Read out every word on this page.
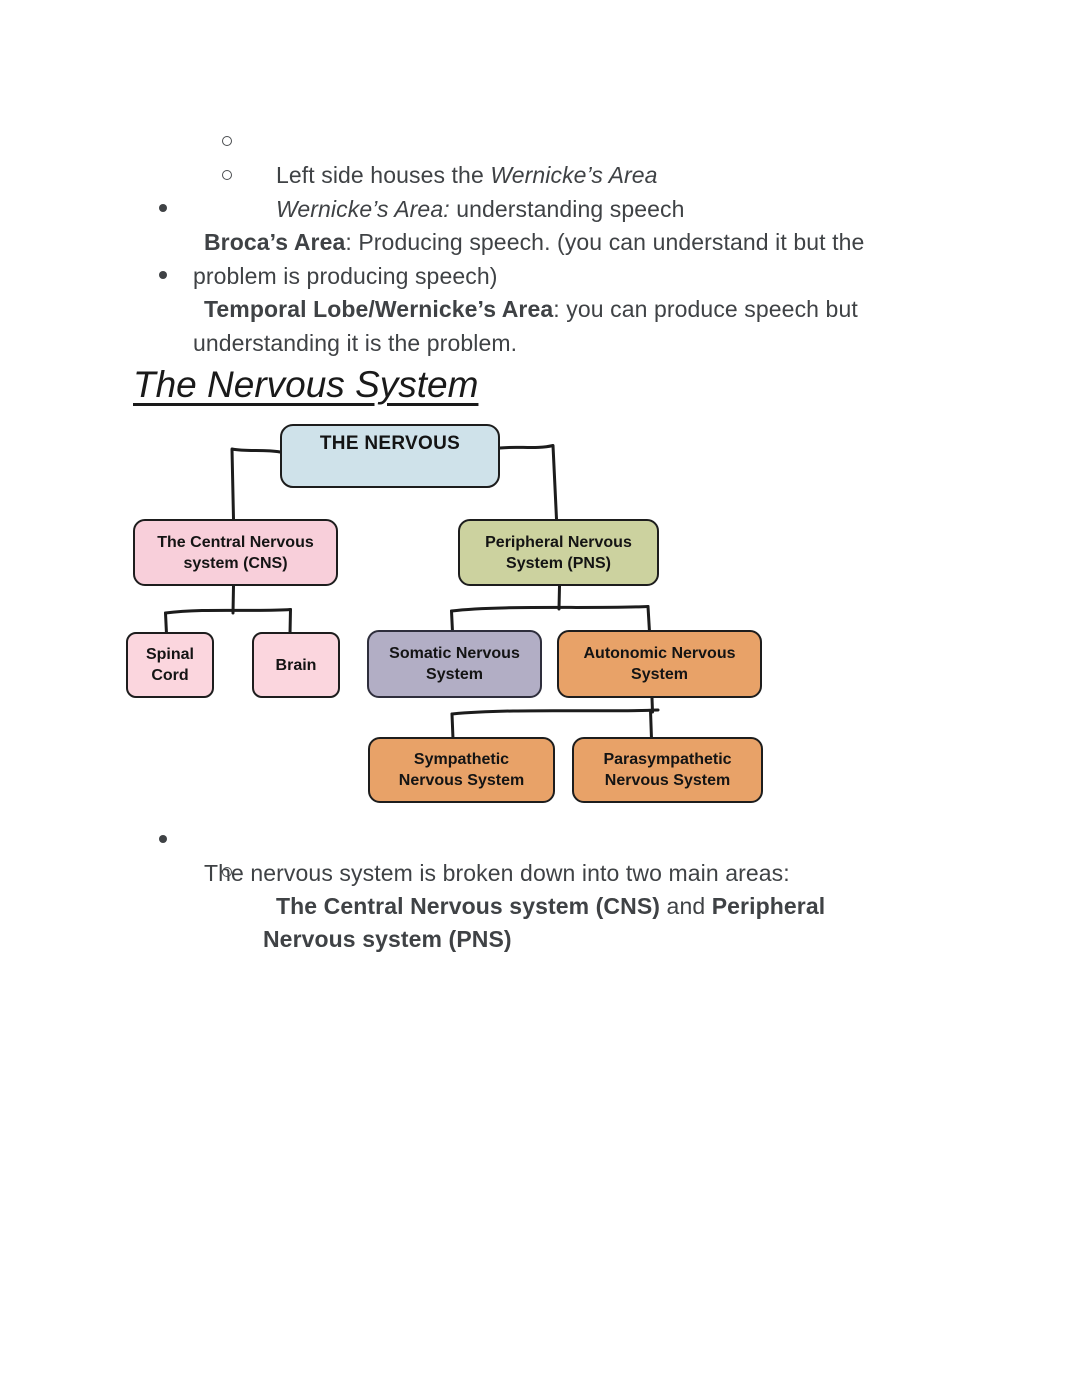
Left side houses the Wernicke’s Area

Wernicke’s Area: understanding speech

Broca’s Area: Producing speech. (you can understand it but the

problem is producing speech)

Temporal Lobe/Wernicke’s Area: you can produce speech but

understanding it is the problem.

The Nervous System
THE NERVOUS
The Central Nervous
system (CNS)
Peripheral Nervous
System (PNS)
Spinal
Cord
Brain
Somatic Nervous
System
Autonomic Nervous
System
Sympathetic
Nervous System
Parasympathetic
Nervous System

The nervous system is broken down into two main areas:

The Central Nervous system (CNS) and Peripheral

Nervous system (PNS)
